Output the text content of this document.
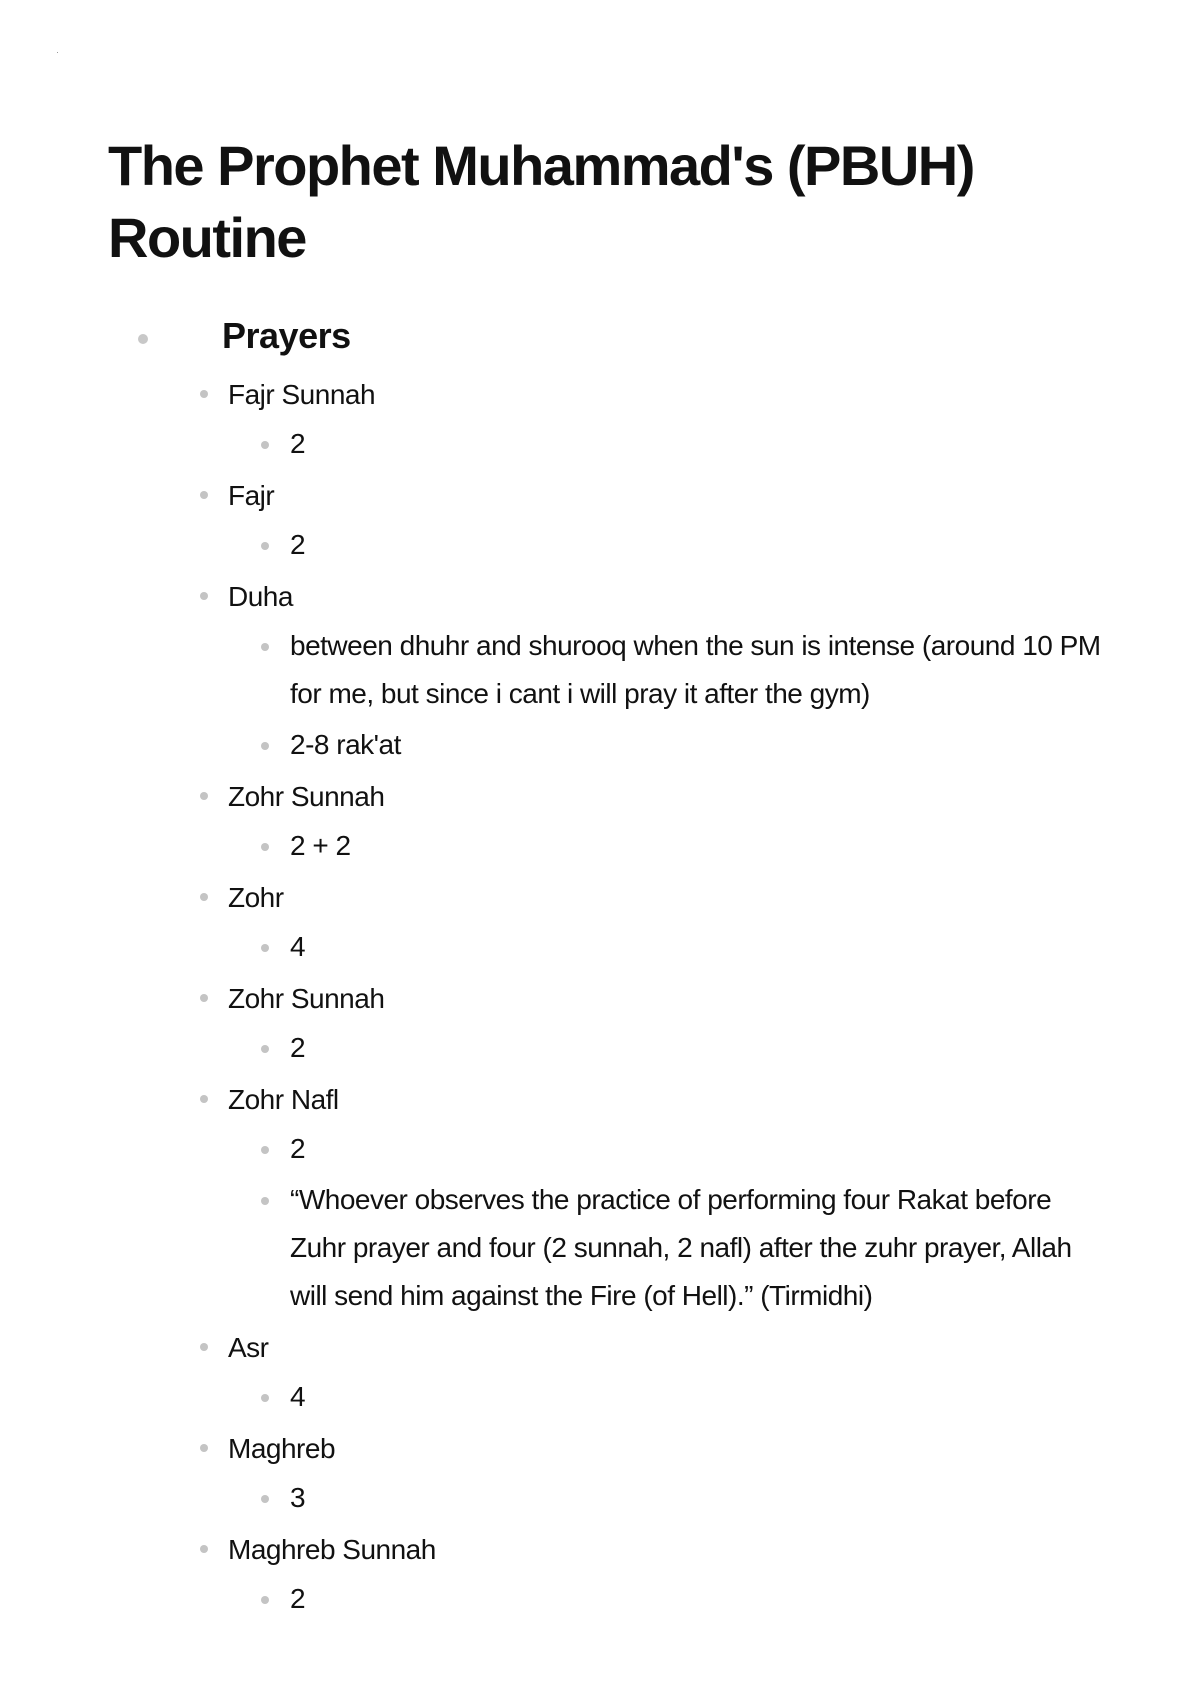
The Prophet Muhammad's (PBUH) Routine
Prayers
Fajr Sunnah
2
Fajr
2
Duha
between dhuhr and shurooq when the sun is intense (around 10 PM for me, but since i cant i will pray it after the gym)
2-8 rak'at
Zohr Sunnah
2 + 2
Zohr
4
Zohr Sunnah
2
Zohr Nafl
2
“Whoever observes the practice of performing four Rakat before Zuhr prayer and four (2 sunnah, 2 nafl) after the zuhr prayer, Allah will send him against the Fire (of Hell).” (Tirmidhi)
Asr
4
Maghreb
3
Maghreb Sunnah
2
